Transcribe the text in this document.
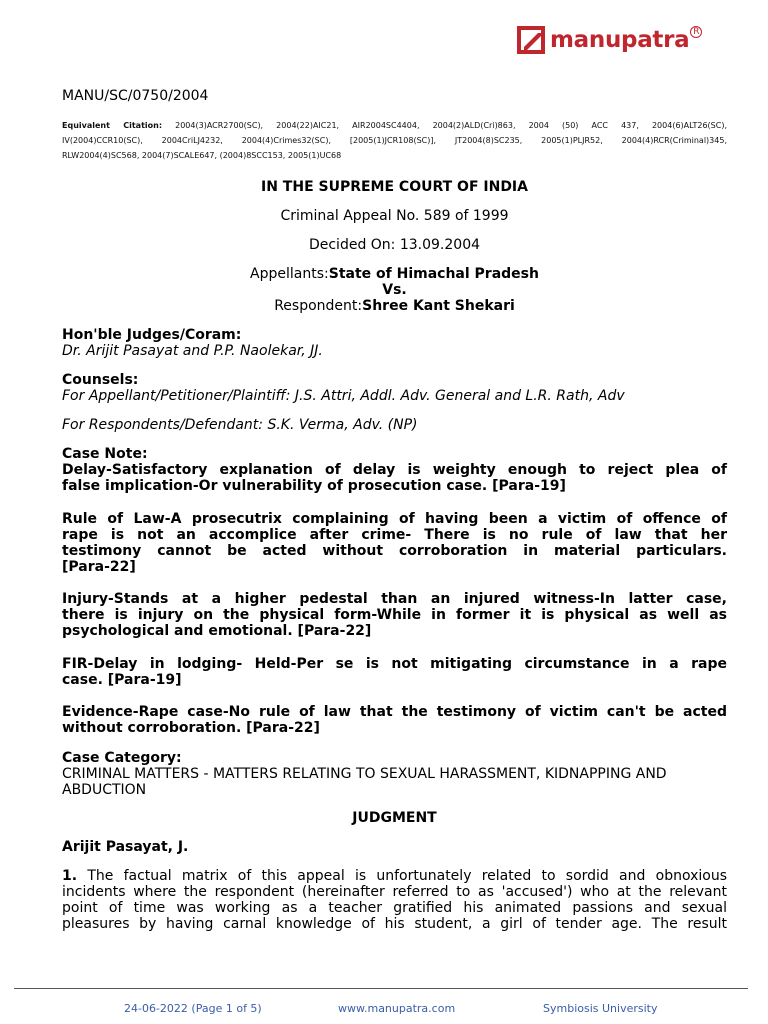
manupatra R
MANU/SC/0750/2004
Equivalent Citation: 2004(3)ACR2700(SC), 2004(22)AIC21, AIR2004SC4404, 2004(2)ALD(Cri)863, 2004 (50) ACC 437, 2004(6)ALT26(SC),
IV(2004)CCR10(SC), 2004CriLJ4232, 2004(4)Crimes32(SC), [2005(1)JCR108(SC)], JT2004(8)SC235, 2005(1)PLJR52, 2004(4)RCR(Criminal)345,
RLW2004(4)SC568, 2004(7)SCALE647, (2004)8SCC153, 2005(1)UC68
IN THE SUPREME COURT OF INDIA
Criminal Appeal No. 589 of 1999
Decided On: 13.09.2004
Appellants:State of Himachal Pradesh
Vs.
Respondent:Shree Kant Shekari
Hon'ble Judges/Coram:
Dr. Arijit Pasayat and P.P. Naolekar, JJ.
Counsels:
For Appellant/Petitioner/Plaintiff: J.S. Attri, Addl. Adv. General and L.R. Rath, Adv
For Respondents/Defendant: S.K. Verma, Adv. (NP)
Case Note:
Delay-Satisfactory explanation of delay is weighty enough to reject plea of
false implication-Or vulnerability of prosecution case. [Para-19]
Rule of Law-A prosecutrix complaining of having been a victim of offence of
rape is not an accomplice after crime- There is no rule of law that her
testimony cannot be acted without corroboration in material particulars.
[Para-22]
Injury-Stands at a higher pedestal than an injured witness-In latter case,
there is injury on the physical form-While in former it is physical as well as
psychological and emotional. [Para-22]
FIR-Delay in lodging- Held-Per se is not mitigating circumstance in a rape
case. [Para-19]
Evidence-Rape case-No rule of law that the testimony of victim can't be acted
without corroboration. [Para-22]
Case Category:
CRIMINAL MATTERS - MATTERS RELATING TO SEXUAL HARASSMENT, KIDNAPPING AND
ABDUCTION
JUDGMENT
Arijit Pasayat, J.
1. The factual matrix of this appeal is unfortunately related to sordid and obnoxious
incidents where the respondent (hereinafter referred to as 'accused') who at the relevant
point of time was working as a teacher gratified his animated passions and sexual
pleasures by having carnal knowledge of his student, a girl of tender age. The result
24-06-2022 (Page 1 of 5)	www.manupatra.com	Symbiosis University
